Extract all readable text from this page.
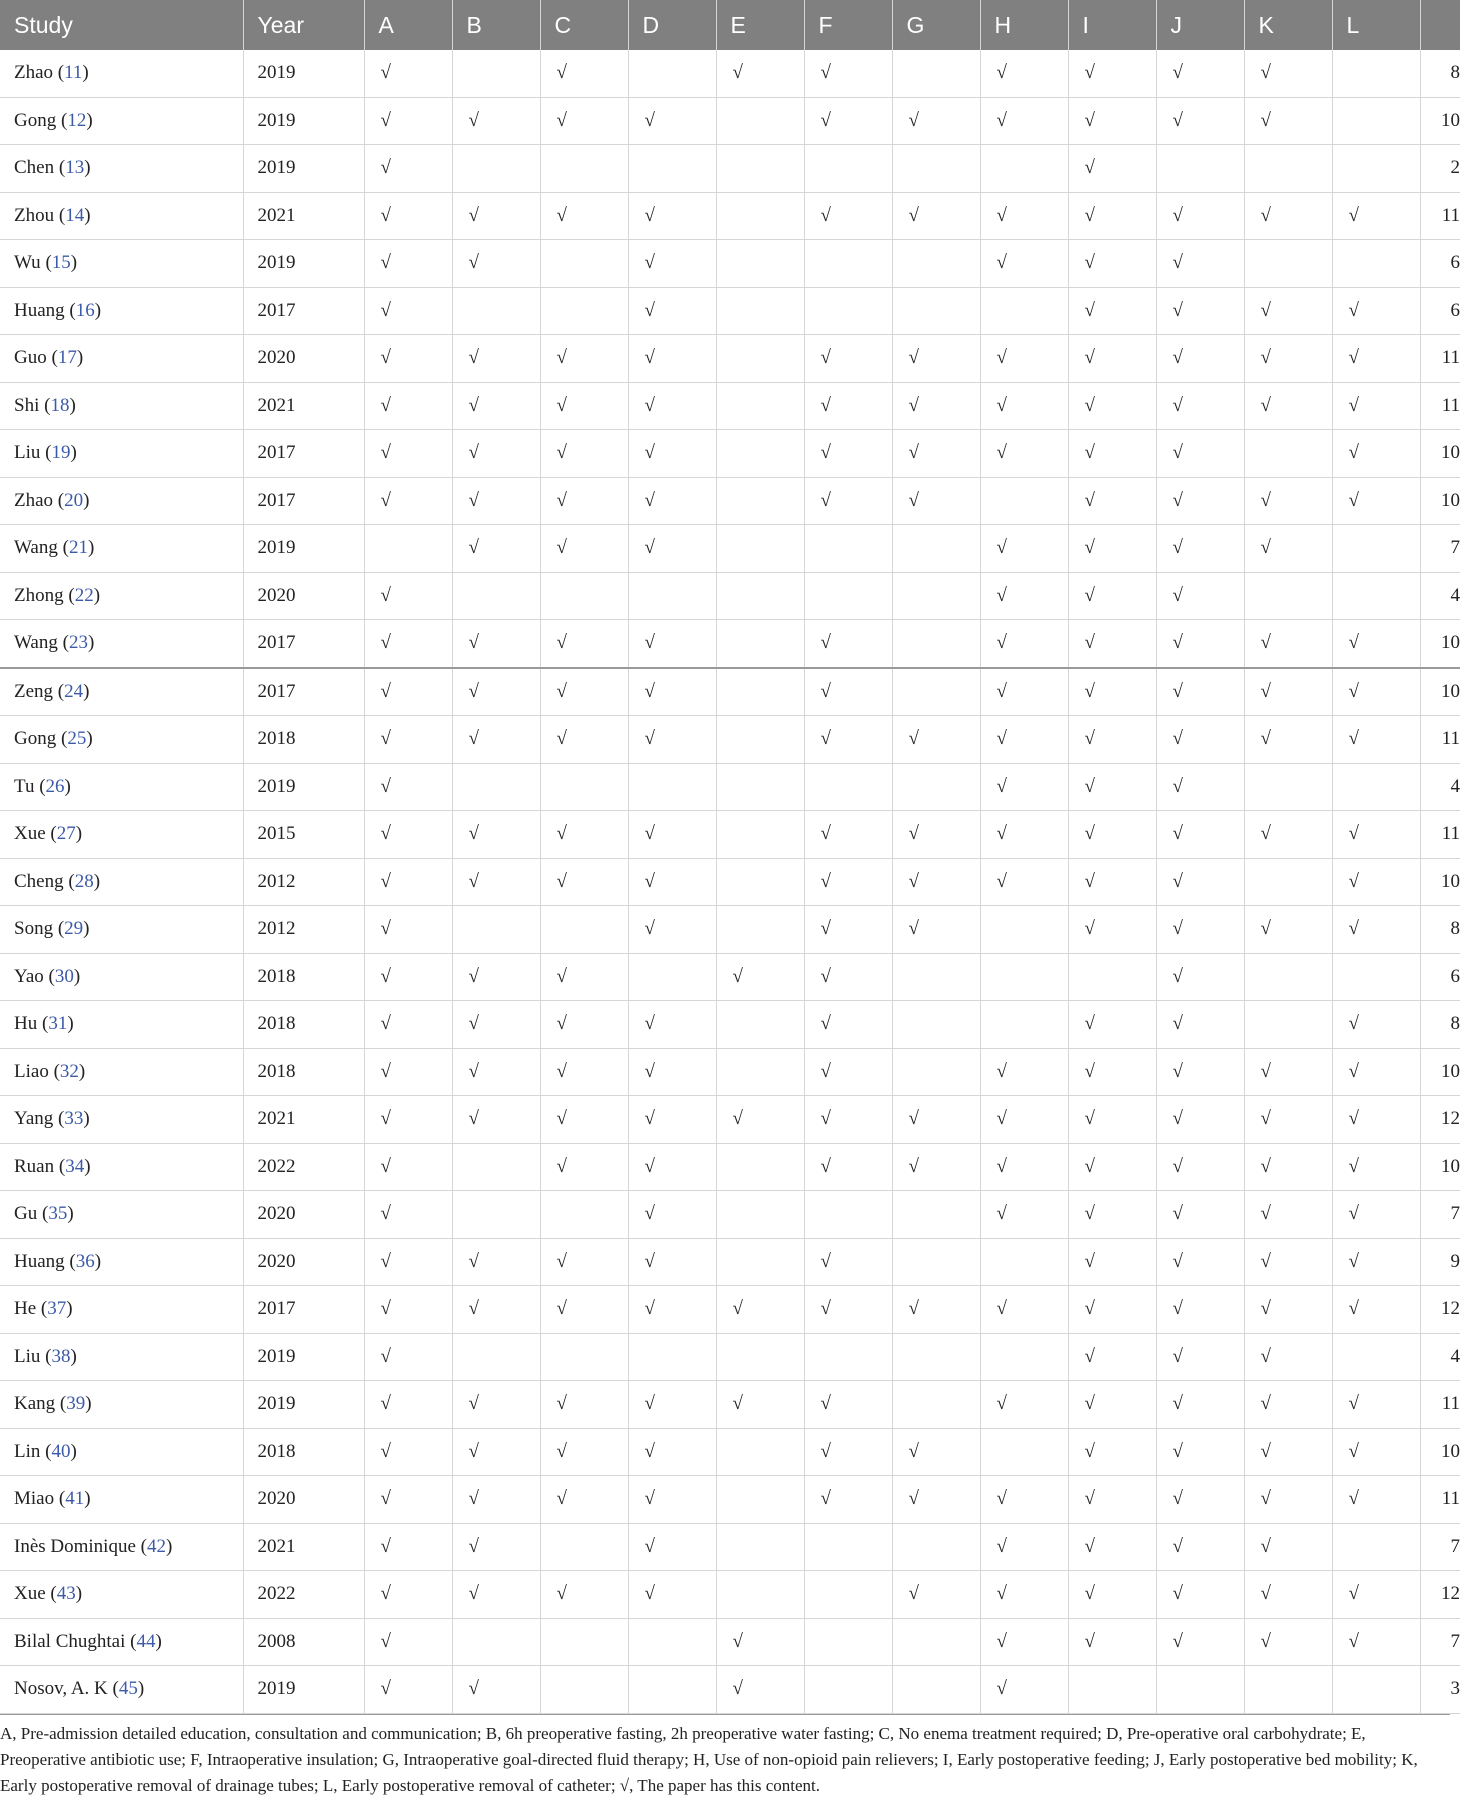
Study	Year	A	B	C	D	E	F	G	H	I	J	K	L	
Zhao (11)	2019	√		√		√	√		√	√	√	√		8
Gong (12)	2019	√	√	√	√		√	√	√	√	√	√		10
Chen (13)	2019	√								√				2
Zhou (14)	2021	√	√	√	√		√	√	√	√	√	√	√	11
Wu (15)	2019	√	√		√				√	√	√			6
Huang (16)	2017	√			√					√	√	√	√	6
Guo (17)	2020	√	√	√	√		√	√	√	√	√	√	√	11
Shi (18)	2021	√	√	√	√		√	√	√	√	√	√	√	11
Liu (19)	2017	√	√	√	√		√	√	√	√	√		√	10
Zhao (20)	2017	√	√	√	√		√	√		√	√	√	√	10
Wang (21)	2019		√	√	√				√	√	√	√		7
Zhong (22)	2020	√							√	√	√			4
Wang (23)	2017	√	√	√	√		√		√	√	√	√	√	10
Zeng (24)	2017	√	√	√	√		√		√	√	√	√	√	10
Gong (25)	2018	√	√	√	√		√	√	√	√	√	√	√	11
Tu (26)	2019	√							√	√	√			4
Xue (27)	2015	√	√	√	√		√	√	√	√	√	√	√	11
Cheng (28)	2012	√	√	√	√		√	√	√	√	√		√	10
Song (29)	2012	√			√		√	√		√	√	√	√	8
Yao (30)	2018	√	√	√		√	√				√			6
Hu (31)	2018	√	√	√	√		√			√	√		√	8
Liao (32)	2018	√	√	√	√		√		√	√	√	√	√	10
Yang (33)	2021	√	√	√	√	√	√	√	√	√	√	√	√	12
Ruan (34)	2022	√		√	√		√	√	√	√	√	√	√	10
Gu (35)	2020	√			√				√	√	√	√	√	7
Huang (36)	2020	√	√	√	√		√			√	√	√	√	9
He (37)	2017	√	√	√	√	√	√	√	√	√	√	√	√	12
Liu (38)	2019	√								√	√	√		4
Kang (39)	2019	√	√	√	√	√	√		√	√	√	√	√	11
Lin (40)	2018	√	√	√	√		√	√		√	√	√	√	10
Miao (41)	2020	√	√	√	√		√	√	√	√	√	√	√	11
Inès Dominique (42)	2021	√	√		√				√	√	√	√		7
Xue (43)	2022	√	√	√	√			√	√	√	√	√	√	12
Bilal Chughtai (44)	2008	√				√			√	√	√	√	√	7
Nosov, A. K (45)	2019	√	√			√			√					3
A, Pre-admission detailed education, consultation and communication; B, 6h preoperative fasting, 2h preoperative water fasting; C, No enema treatment required; D, Pre-operative oral carbohydrate; E, Preoperative antibiotic use; F, Intraoperative insulation; G, Intraoperative goal-directed fluid therapy; H, Use of non-opioid pain relievers; I, Early postoperative feeding; J, Early postoperative bed mobility; K, Early postoperative removal of drainage tubes; L, Early postoperative removal of catheter; √, The paper has this content.
